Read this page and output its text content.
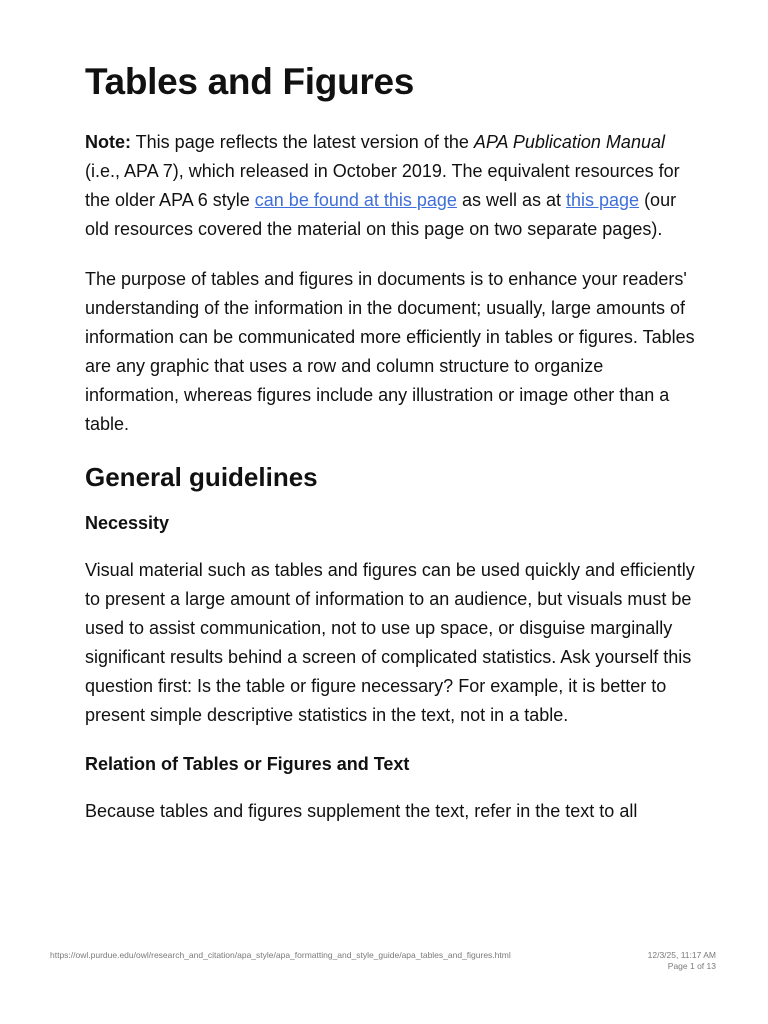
Tables and Figures

Note: This page reflects the latest version of the APA Publication Manual (i.e., APA 7), which released in October 2019. The equivalent resources for the older APA 6 style can be found at this page as well as at this page (our old resources covered the material on this page on two separate pages).

The purpose of tables and figures in documents is to enhance your readers' understanding of the information in the document; usually, large amounts of information can be communicated more efficiently in tables or figures. Tables are any graphic that uses a row and column structure to organize information, whereas figures include any illustration or image other than a table.

General guidelines
Necessity

Visual material such as tables and figures can be used quickly and efficiently to present a large amount of information to an audience, but visuals must be used to assist communication, not to use up space, or disguise marginally significant results behind a screen of complicated statistics. Ask yourself this question first: Is the table or figure necessary? For example, it is better to present simple descriptive statistics in the text, not in a table.

Relation of Tables or Figures and Text

Because tables and figures supplement the text, refer in the text to all

https://owl.purdue.edu/owl/research_and_citation/apa_style/apa_formatting_and_style_guide/apa_tables_and_figures.html	12/3/25, 11:17 AM
Page 1 of 13
